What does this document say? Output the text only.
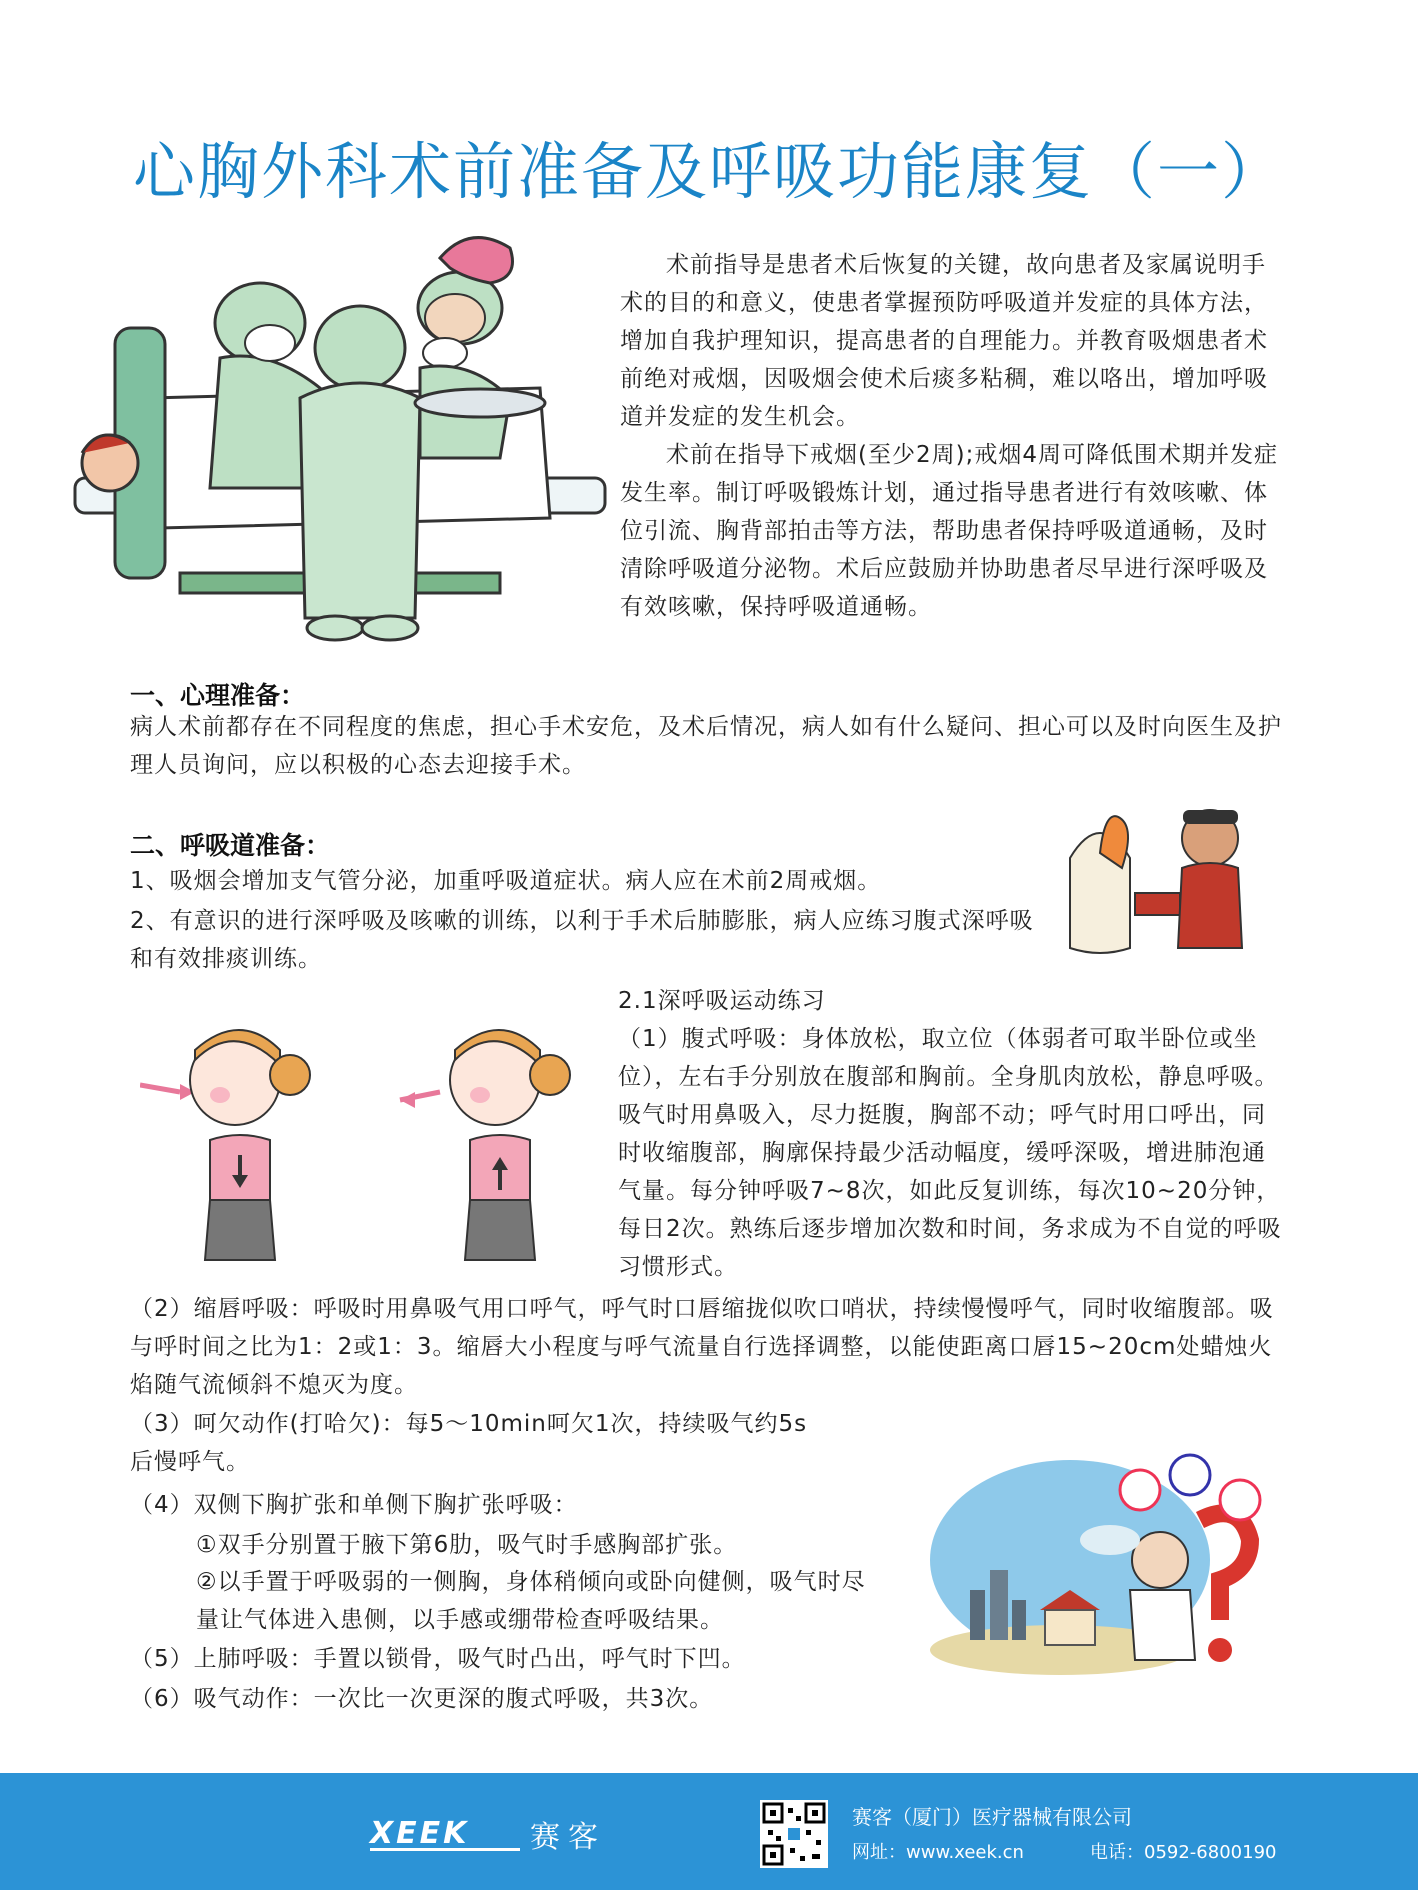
心胸外科术前准备及呼吸功能康复（一）

术前指导是患者术后恢复的关键，故向患者及家属说明手术的目的和意义，使患者掌握预防呼吸道并发症的具体方法，增加自我护理知识，提高患者的自理能力。并教育吸烟患者术前绝对戒烟，因吸烟会使术后痰多粘稠，难以咯出，增加呼吸道并发症的发生机会。

术前在指导下戒烟(至少2周);戒烟4周可降低围术期并发症发生率。制订呼吸锻炼计划，通过指导患者进行有效咳嗽、体位引流、胸背部拍击等方法，帮助患者保持呼吸道通畅，及时清除呼吸道分泌物。术后应鼓励并协助患者尽早进行深呼吸及有效咳嗽，保持呼吸道通畅。

一、心理准备：

病人术前都存在不同程度的焦虑，担心手术安危，及术后情况，病人如有什么疑问、担心可以及时向医生及护理人员询问，应以积极的心态去迎接手术。

二、呼吸道准备：

1、吸烟会增加支气管分泌，加重呼吸道症状。病人应在术前2周戒烟。

2、有意识的进行深呼吸及咳嗽的训练，以利于手术后肺膨胀，病人应练习腹式深呼吸和有效排痰训练。

2.1深呼吸运动练习

（1）腹式呼吸：身体放松，取立位（体弱者可取半卧位或坐位），左右手分别放在腹部和胸前。全身肌肉放松，静息呼吸。吸气时用鼻吸入，尽力挺腹，胸部不动；呼气时用口呼出，同时收缩腹部，胸廓保持最少活动幅度，缓呼深吸，增进肺泡通气量。每分钟呼吸7~8次，如此反复训练，每次10~20分钟，每日2次。熟练后逐步增加次数和时间，务求成为不自觉的呼吸习惯形式。

（2）缩唇呼吸：呼吸时用鼻吸气用口呼气，呼气时口唇缩拢似吹口哨状，持续慢慢呼气，同时收缩腹部。吸与呼时间之比为1：2或1：3。缩唇大小程度与呼气流量自行选择调整，以能使距离口唇15~20cm处蜡烛火焰随气流倾斜不熄灭为度。

（3）呵欠动作(打哈欠)：每5～10min呵欠1次，持续吸气约5s

后慢呼气。

（4）双侧下胸扩张和单侧下胸扩张呼吸：

①双手分别置于腋下第6肋，吸气时手感胸部扩张。

②以手置于呼吸弱的一侧胸，身体稍倾向或卧向健侧，吸气时尽量让气体进入患侧，以手感或绷带检查呼吸结果。

（5）上肺呼吸：手置以锁骨，吸气时凸出，呼气时下凹。

（6）吸气动作：一次比一次更深的腹式呼吸，共3次。

XEEK 赛客
赛客（厦门）医疗器械有限公司
网址：www.xeek.cn	电话：0592-6800190
